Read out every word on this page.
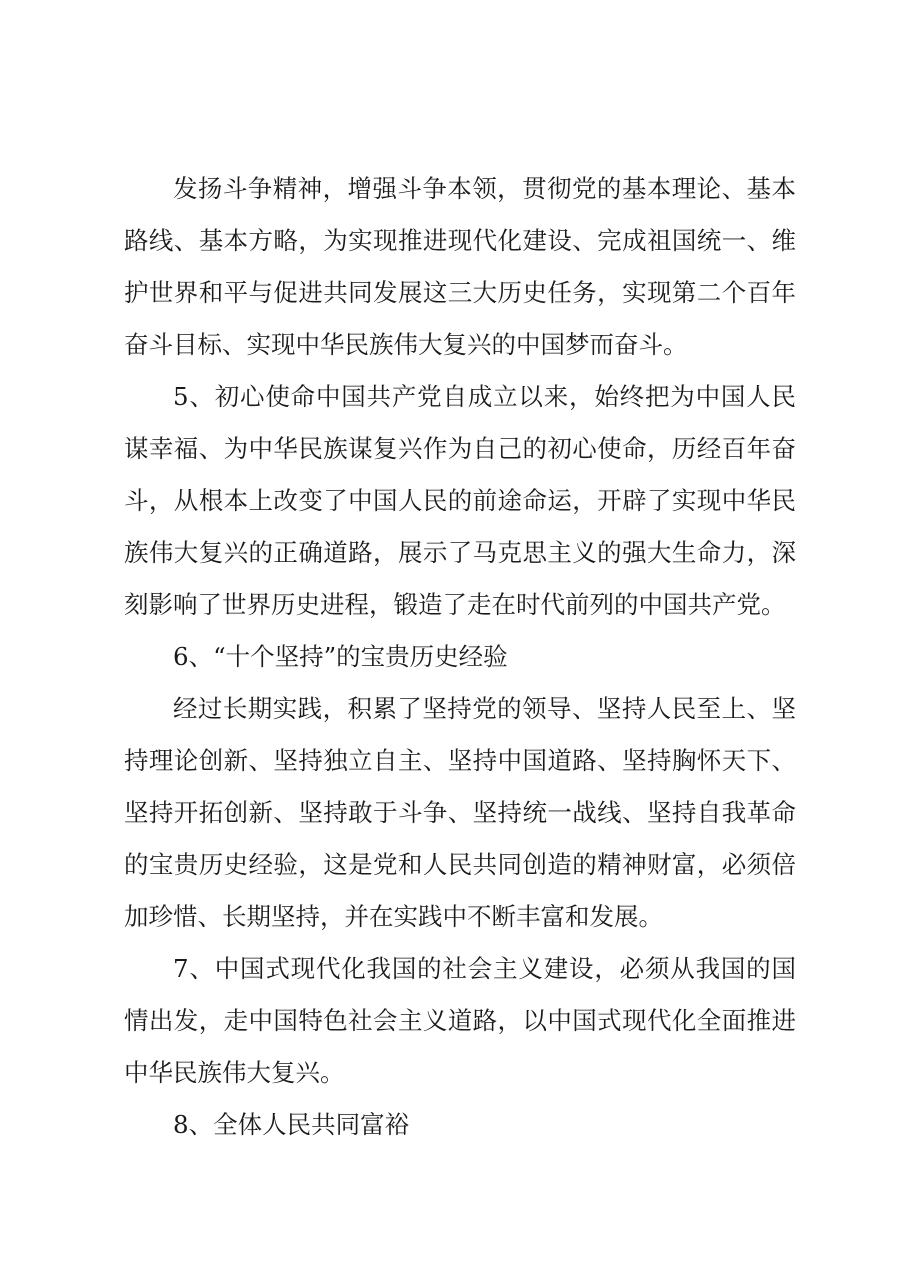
发扬斗争精神，增强斗争本领，贯彻党的基本理论、基本路线、基本方略，为实现推进现代化建设、完成祖国统一、维护世界和平与促进共同发展这三大历史任务，实现第二个百年奋斗目标、实现中华民族伟大复兴的中国梦而奋斗。

5、初心使命中国共产党自成立以来，始终把为中国人民谋幸福、为中华民族谋复兴作为自己的初心使命，历经百年奋斗，从根本上改变了中国人民的前途命运，开辟了实现中华民族伟大复兴的正确道路，展示了马克思主义的强大生命力，深刻影响了世界历史进程，锻造了走在时代前列的中国共产党。

6、“十个坚持”的宝贵历史经验

经过长期实践，积累了坚持党的领导、坚持人民至上、坚持理论创新、坚持独立自主、坚持中国道路、坚持胸怀天下、坚持开拓创新、坚持敢于斗争、坚持统一战线、坚持自我革命的宝贵历史经验，这是党和人民共同创造的精神财富，必须倍加珍惜、长期坚持，并在实践中不断丰富和发展。

7、中国式现代化我国的社会主义建设，必须从我国的国情出发，走中国特色社会主义道路，以中国式现代化全面推进中华民族伟大复兴。

8、全体人民共同富裕
